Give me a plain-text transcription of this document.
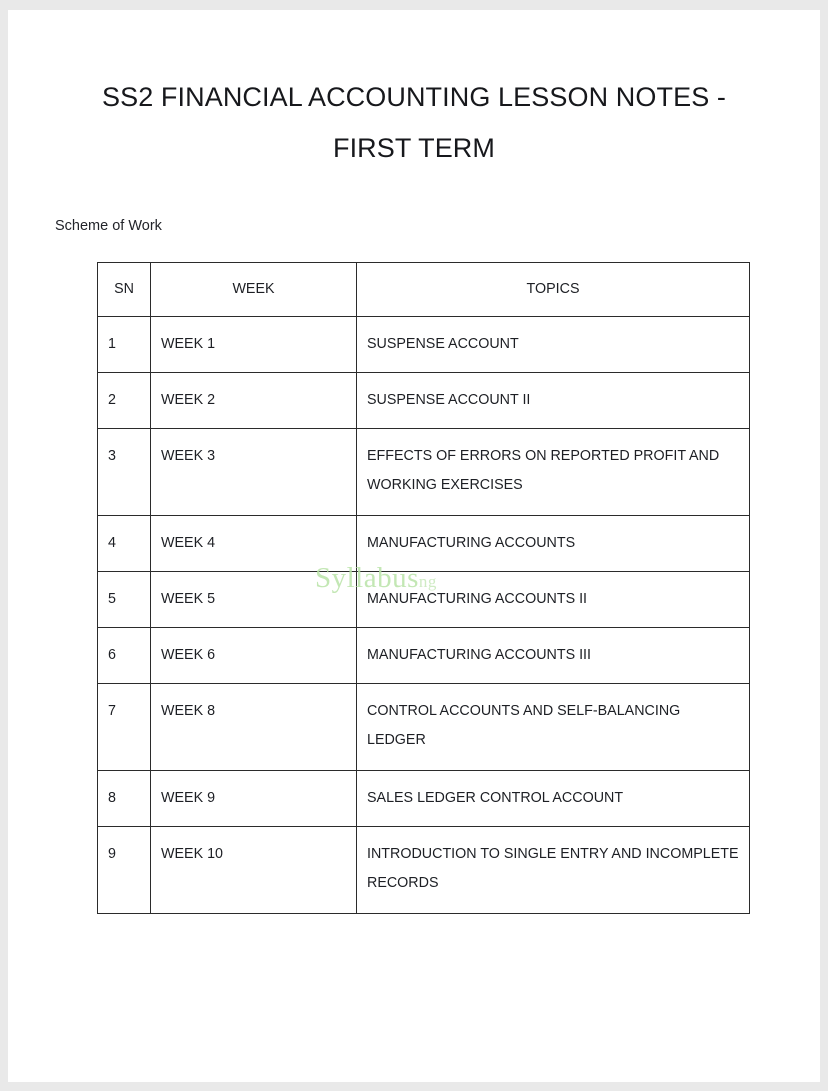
SS2 FINANCIAL ACCOUNTING LESSON NOTES - FIRST TERM
Scheme of Work
SN	WEEK	TOPICS
1	WEEK 1	SUSPENSE ACCOUNT
2	WEEK 2	SUSPENSE ACCOUNT II
3	WEEK 3	EFFECTS OF ERRORS ON REPORTED PROFIT AND WORKING EXERCISES
4	WEEK 4	MANUFACTURING ACCOUNTS
5	WEEK 5	MANUFACTURING ACCOUNTS II
6	WEEK 6	MANUFACTURING ACCOUNTS III
7	WEEK 8	CONTROL ACCOUNTS AND SELF-BALANCING LEDGER
8	WEEK 9	SALES LEDGER CONTROL ACCOUNT
9	WEEK 10	INTRODUCTION TO SINGLE ENTRY AND INCOMPLETE RECORDS
Syllabusng
